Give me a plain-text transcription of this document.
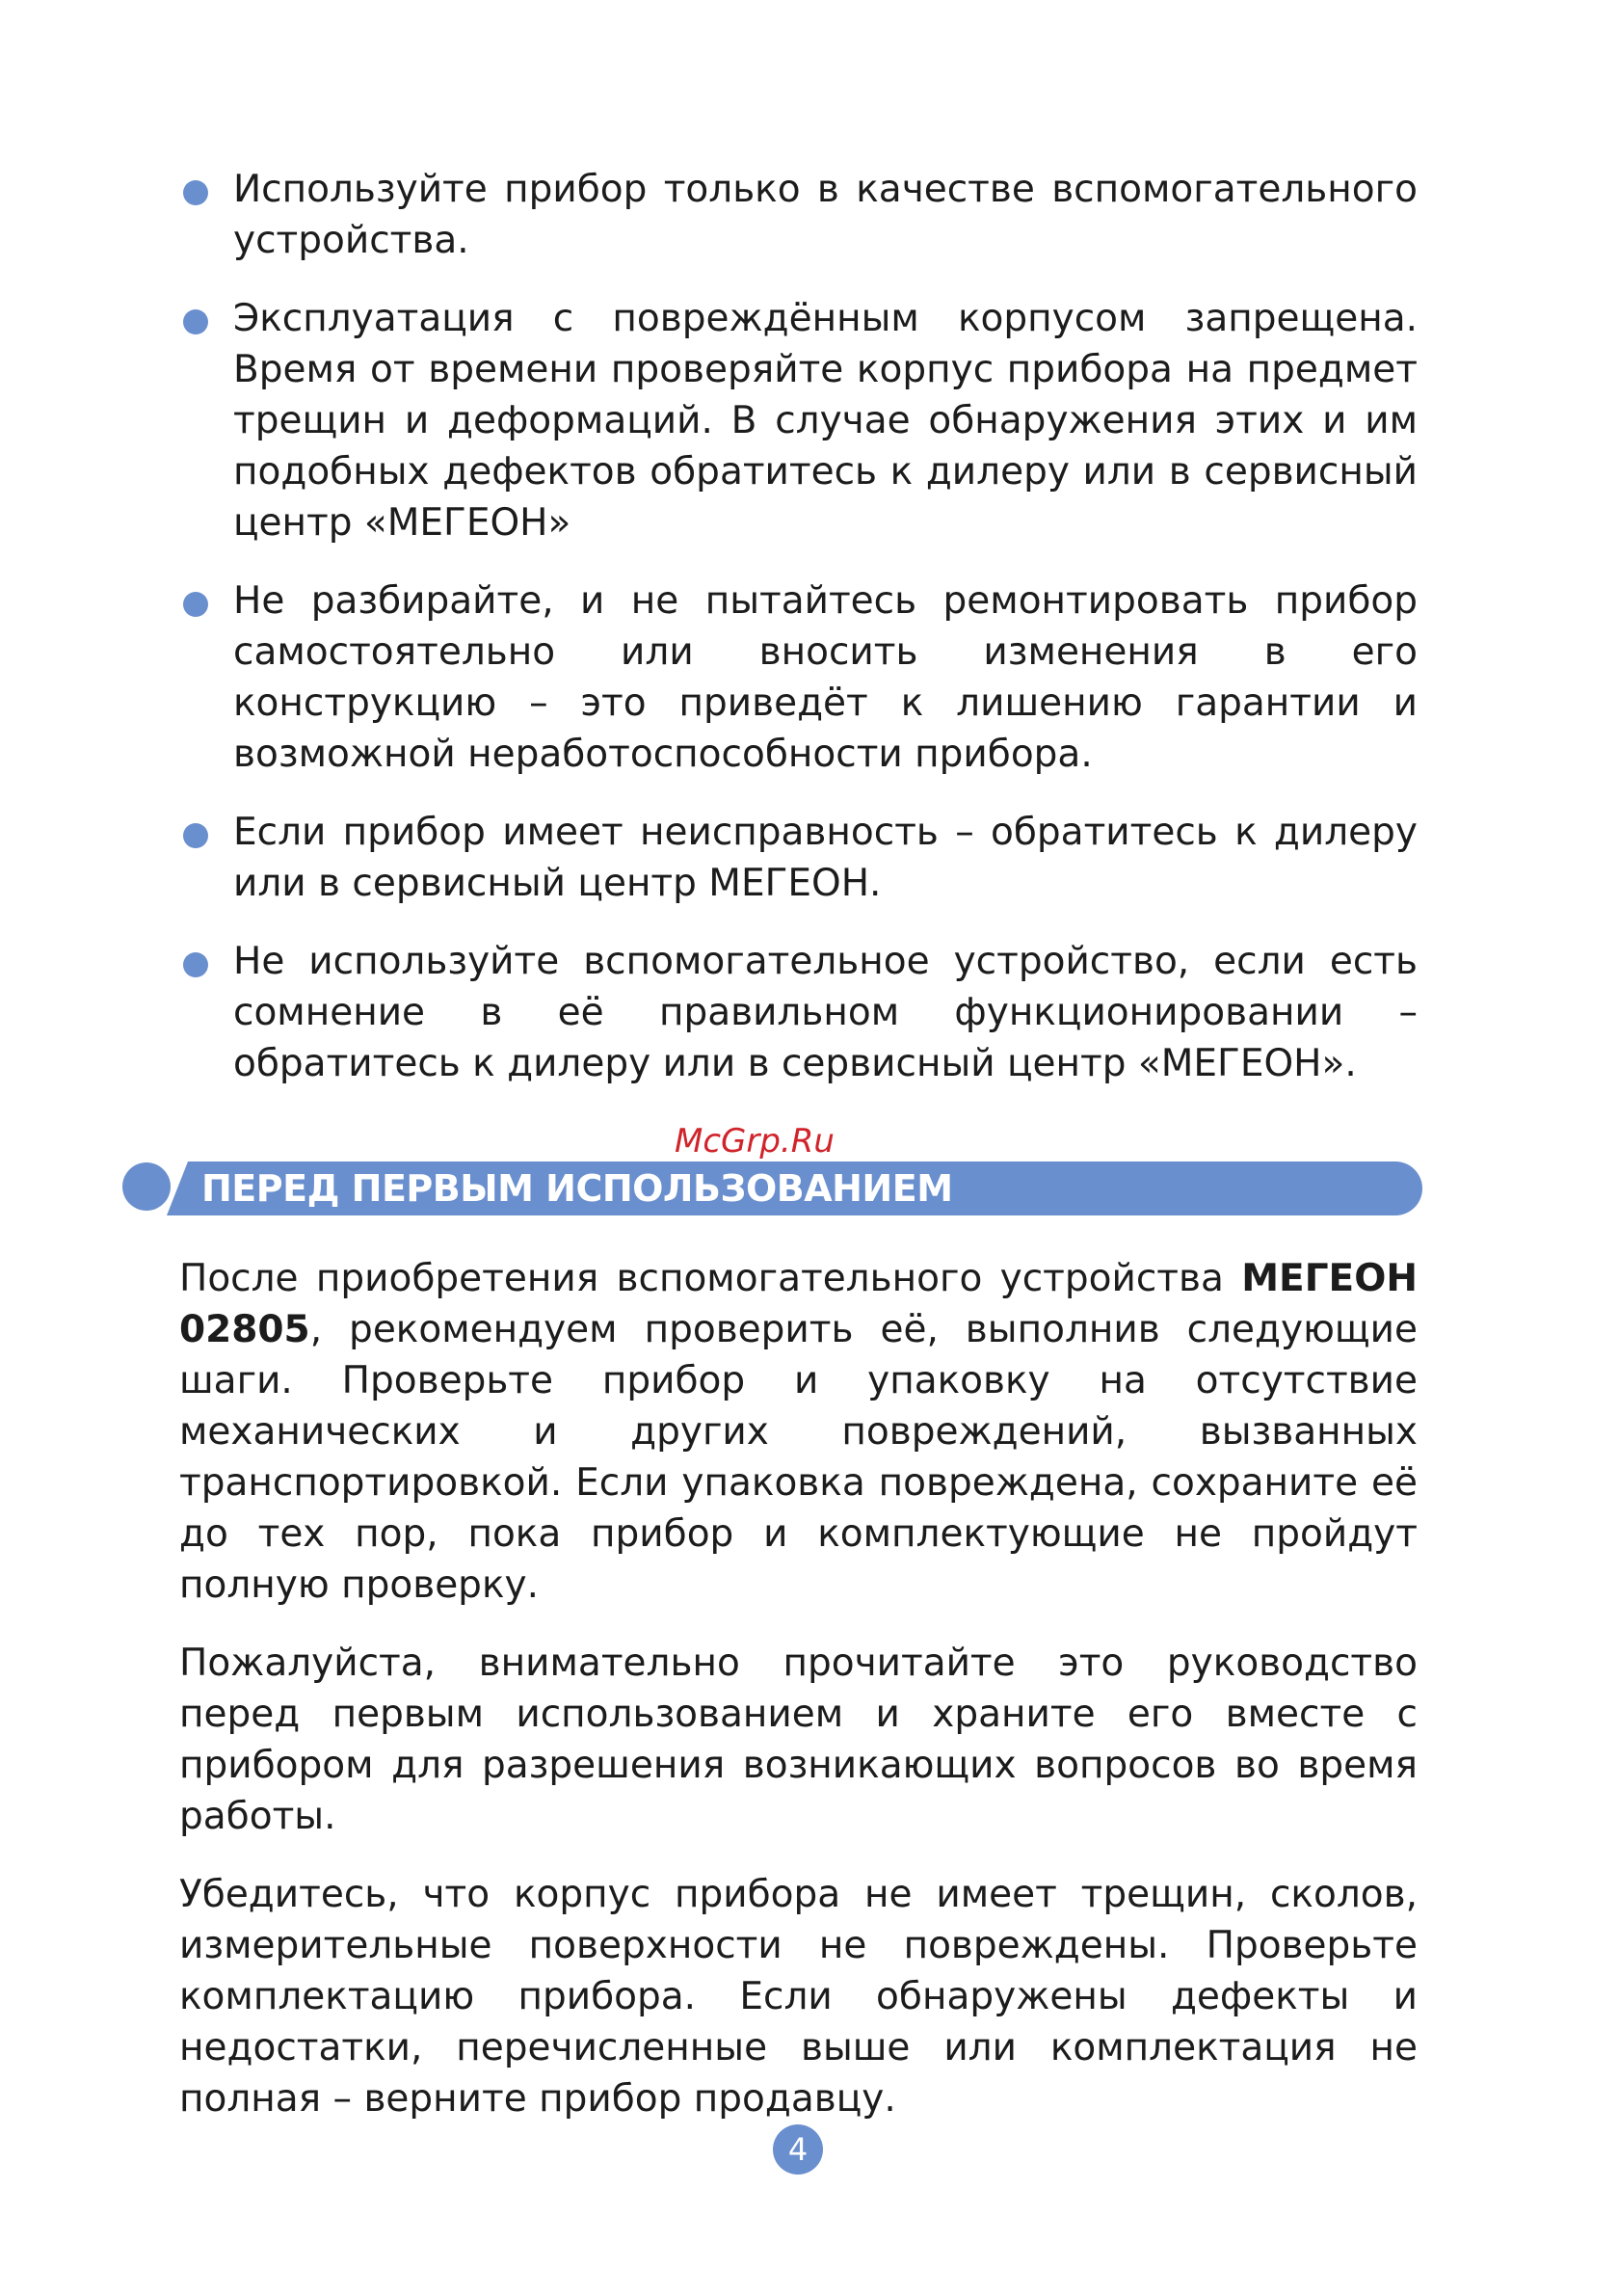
Используйте прибор только в качестве вспомогательного устройства.
Эксплуатация с повреждённым корпусом запрещена. Время от времени проверяйте корпус прибора на предмет трещин и деформаций. В случае обнаружения этих и им подобных дефектов обратитесь к дилеру или в сервисный центр «МЕГЕОН»
Не разбирайте, и не пытайтесь ремонтировать прибор самостоятельно или вносить изменения в его конструкцию – это приведёт к лишению гарантии и возможной неработоспособности прибора.
Если прибор имеет неисправность – обратитесь к дилеру или в сервисный центр МЕГЕОН.
Не используйте вспомогательное устройство, если есть сомнение в её правильном функционировании – обратитесь к дилеру или в сервисный центр «МЕГЕОН».
McGrp.Ru
ПЕРЕД ПЕРВЫМ ИСПОЛЬЗОВАНИЕМ

После приобретения вспомогательного устройства МЕГЕОН 02805, рекомендуем проверить её, выполнив следующие шаги. Проверьте прибор и упаковку на отсутствие механических и других повреждений, вызванных транспортировкой. Если упаковка повреждена, сохраните её до тех пор, пока прибор и комплектующие не пройдут полную проверку.

Пожалуйста, внимательно прочитайте это руководство перед первым использованием и храните его вместе с прибором для разрешения возникающих вопросов во время работы.

Убедитесь, что корпус прибора не имеет трещин, сколов, измерительные поверхности не повреждены. Проверьте комплектацию прибора. Если обнаружены дефекты и недостатки, перечисленные выше или комплектация не полная – верните прибор продавцу.

4
